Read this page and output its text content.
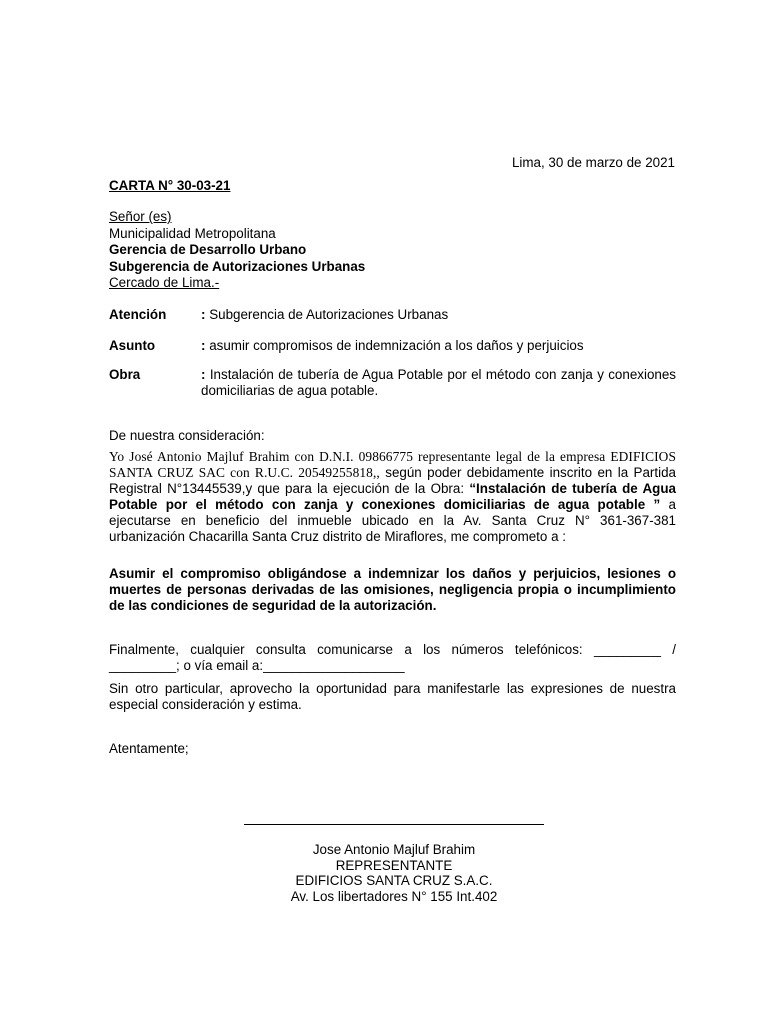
Lima, 30 de marzo de 2021
CARTA N° 30-03-21
Señor (es)
Municipalidad Metropolitana
Gerencia de Desarrollo Urbano
Subgerencia de Autorizaciones Urbanas
Cercado de Lima.-
Atención	: Subgerencia de Autorizaciones Urbanas
Asunto	: asumir compromisos de indemnización a los daños y perjuicios
Obra	: Instalación de tubería de Agua Potable por el método con zanja y conexiones domiciliarias de agua potable.
De nuestra consideración:
Yo José Antonio Majluf Brahim con D.N.I. 09866775 representante legal de la empresa EDIFICIOS SANTA CRUZ SAC con R.U.C. 20549255818,, según poder debidamente inscrito en la Partida Registral N°13445539,y que para la ejecución de la Obra: “Instalación de tubería de Agua Potable por el método con zanja y conexiones domiciliarias de agua potable ” a ejecutarse en beneficio del inmueble ubicado en la Av. Santa Cruz N° 361-367-381 urbanización Chacarilla Santa Cruz distrito de Miraflores, me comprometo a :
Asumir el compromiso obligándose a indemnizar los daños y perjuicios, lesiones o muertes de personas derivadas de las omisiones, negligencia propia o incumplimiento de las condiciones de seguridad de la autorización.
Finalmente, cualquier consulta comunicarse a los números telefónicos: _________ / _________; o vía email a:___________________
Sin otro particular, aprovecho la oportunidad para manifestarle las expresiones de nuestra especial consideración y estima.
Atentamente;
Jose Antonio Majluf Brahim
REPRESENTANTE
EDIFICIOS SANTA CRUZ S.A.C.
Av. Los libertadores N° 155 Int.402
